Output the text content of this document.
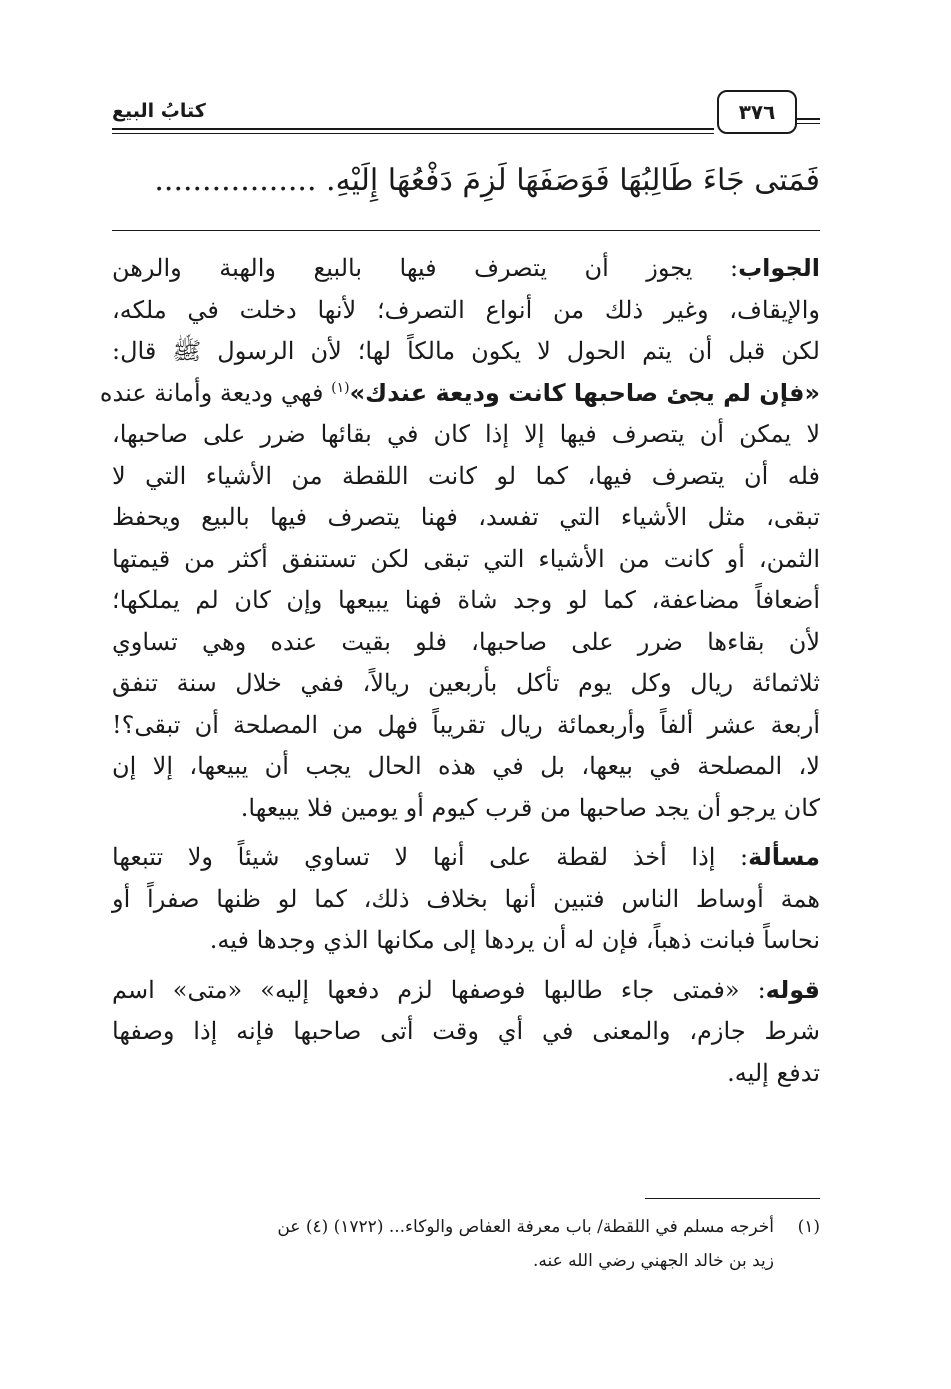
كتابُ البيع	٣٧٦
فَمَتى جَاءَ طَالِبُهَا فَوَصَفَهَا لَزِمَ دَفْعُهَا إِلَيْهِ. .................
الجواب: يجوز أن يتصرف فيها بالبيع والهبة والرهن
والإيقاف، وغير ذلك من أنواع التصرف؛ لأنها دخلت في ملكه،
لكن قبل أن يتم الحول لا يكون مالكاً لها؛ لأن الرسول ﷺ قال:
«فإن لم يجئ صاحبها كانت وديعة عندك»$^{(١)}$ فهي وديعة وأمانة عنده
لا يمكن أن يتصرف فيها إلا إذا كان في بقائها ضرر على صاحبها،
فله أن يتصرف فيها، كما لو كانت اللقطة من الأشياء التي لا
تبقى، مثل الأشياء التي تفسد، فهنا يتصرف فيها بالبيع ويحفظ
الثمن، أو كانت من الأشياء التي تبقى لكن تستنفق أكثر من قيمتها
أضعافاً مضاعفة، كما لو وجد شاة فهنا يبيعها وإن كان لم يملكها؛
لأن بقاءها ضرر على صاحبها، فلو بقيت عنده وهي تساوي
ثلاثمائة ريال وكل يوم تأكل بأربعين ريالاً، ففي خلال سنة تنفق
أربعة عشر ألفاً وأربعمائة ريال تقريباً فهل من المصلحة أن تبقى؟!
لا، المصلحة في بيعها، بل في هذه الحال يجب أن يبيعها، إلا إن
كان يرجو أن يجد صاحبها من قرب كيوم أو يومين فلا يبيعها.
مسألة: إذا أخذ لقطة على أنها لا تساوي شيئاً ولا تتبعها
همة أوساط الناس فتبين أنها بخلاف ذلك، كما لو ظنها صفراً أو
نحاساً فبانت ذهباً، فإن له أن يردها إلى مكانها الذي وجدها فيه.
قوله: «فمتى جاء طالبها فوصفها لزم دفعها إليه» «متى» اسم
شرط جازم، والمعنى في أي وقت أتى صاحبها فإنه إذا وصفها
تدفع إليه.
(١)
أخرجه مسلم في اللقطة/ باب معرفة العفاص والوكاء... (١٧٢٢) (٤) عن
زيد بن خالد الجهني رضي الله عنه.
